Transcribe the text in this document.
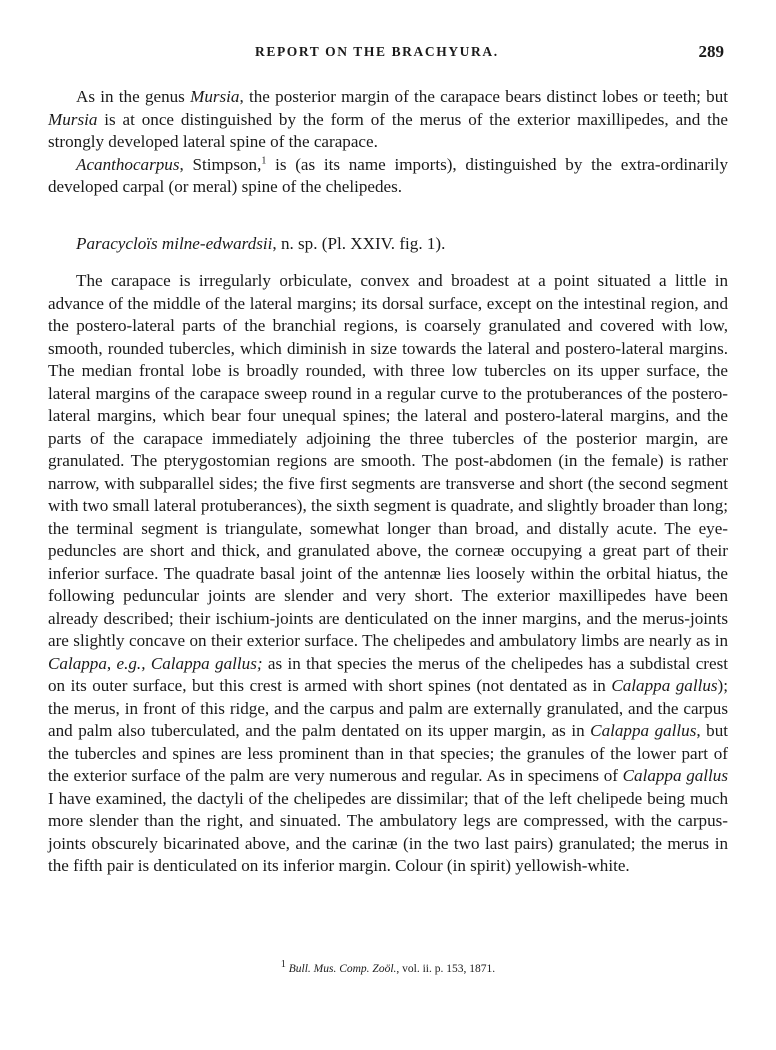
REPORT ON THE BRACHYURA.	289

As in the genus Mursia, the posterior margin of the carapace bears distinct lobes or teeth; but Mursia is at once distinguished by the form of the merus of the exterior maxillipedes, and the strongly developed lateral spine of the carapace.

Acanthocarpus, Stimpson,$^1$ is (as its name imports), distinguished by the extra-ordinarily developed carpal (or meral) spine of the chelipedes.

Paracycloïs milne-edwardsii, n. sp. (Pl. XXIV. fig. 1).

The carapace is irregularly orbiculate, convex and broadest at a point situated a little in advance of the middle of the lateral margins; its dorsal surface, except on the intestinal region, and the postero-lateral parts of the branchial regions, is coarsely granulated and covered with low, smooth, rounded tubercles, which diminish in size towards the lateral and postero-lateral margins. The median frontal lobe is broadly rounded, with three low tubercles on its upper surface, the lateral margins of the carapace sweep round in a regular curve to the protuberances of the postero-lateral margins, which bear four unequal spines; the lateral and postero-lateral margins, and the parts of the carapace immediately adjoining the three tubercles of the posterior margin, are granulated. The pterygostomian regions are smooth. The post-abdomen (in the female) is rather narrow, with subparallel sides; the five first segments are transverse and short (the second segment with two small lateral protuberances), the sixth segment is quadrate, and slightly broader than long; the terminal segment is triangulate, somewhat longer than broad, and distally acute. The eye-peduncles are short and thick, and granulated above, the corneæ occupying a great part of their inferior surface. The quadrate basal joint of the antennæ lies loosely within the orbital hiatus, the following peduncular joints are slender and very short. The exterior maxillipedes have been already described; their ischium-joints are denticulated on the inner margins, and the merus-joints are slightly concave on their exterior surface. The chelipedes and ambulatory limbs are nearly as in Calappa, e.g., Calappa gallus; as in that species the merus of the chelipedes has a subdistal crest on its outer surface, but this crest is armed with short spines (not dentated as in Calappa gallus); the merus, in front of this ridge, and the carpus and palm are externally granulated, and the carpus and palm also tuberculated, and the palm dentated on its upper margin, as in Calappa gallus, but the tubercles and spines are less prominent than in that species; the granules of the lower part of the exterior surface of the palm are very numerous and regular. As in specimens of Calappa gallus I have examined, the dactyli of the chelipedes are dissimilar; that of the left chelipede being much more slender than the right, and sinuated. The ambulatory legs are compressed, with the carpus-joints obscurely bicarinated above, and the carinæ (in the two last pairs) granulated; the merus in the fifth pair is denticulated on its inferior margin. Colour (in spirit) yellowish-white.

$^1$ Bull. Mus. Comp. Zoöl., vol. ii. p. 153, 1871.
